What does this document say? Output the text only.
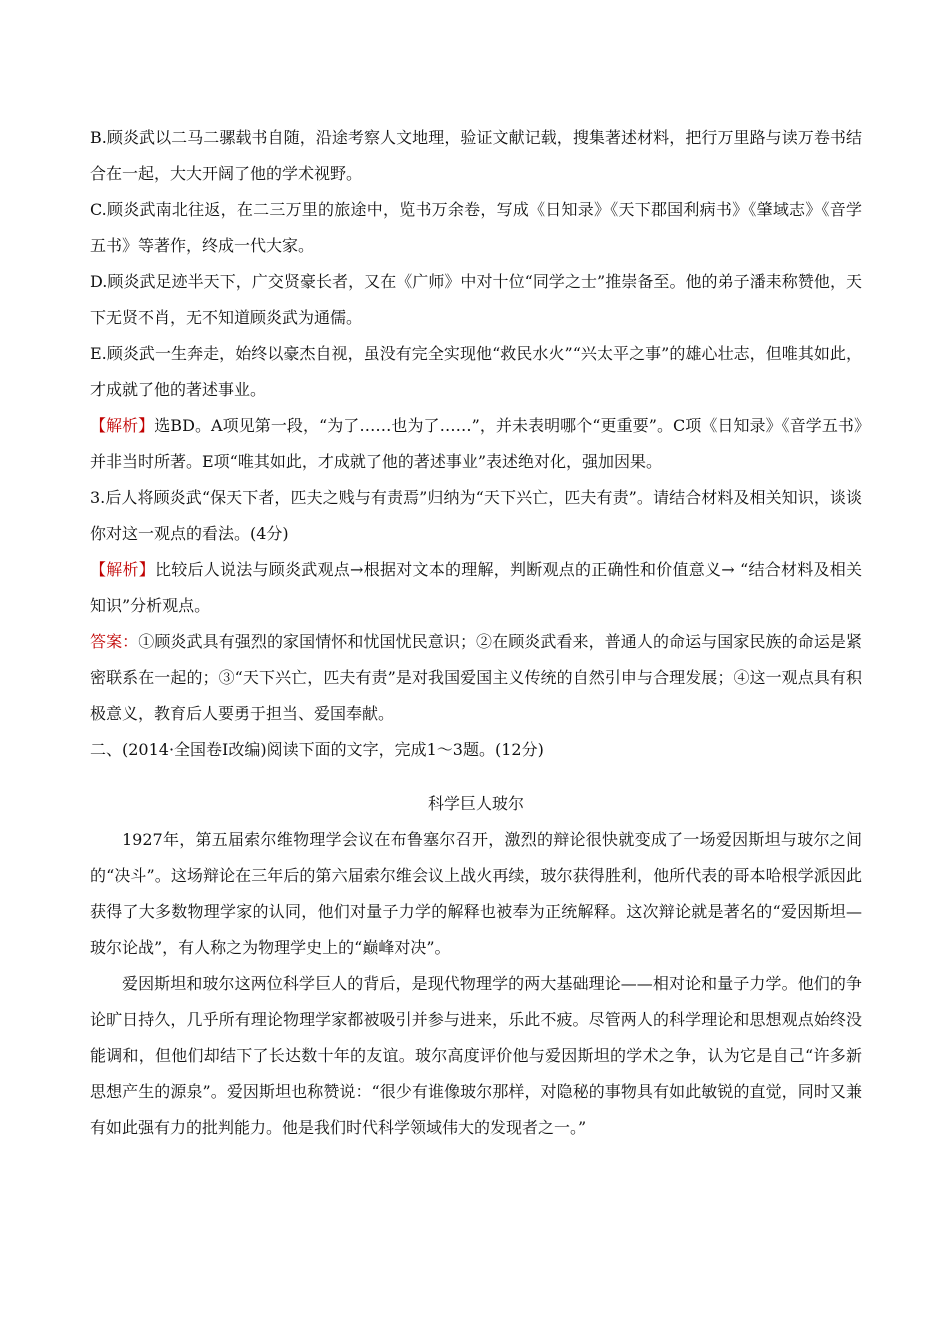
B.顾炎武以二马二骡载书自随，沿途考察人文地理，验证文献记载，搜集著述材料，把行万里路与读万卷书结合在一起，大大开阔了他的学术视野。

C.顾炎武南北往返，在二三万里的旅途中，览书万余卷，写成《日知录》《天下郡国利病书》《肇域志》《音学五书》等著作，终成一代大家。

D.顾炎武足迹半天下，广交贤豪长者，又在《广师》中对十位“同学之士”推崇备至。他的弟子潘耒称赞他，天下无贤不肖，无不知道顾炎武为通儒。

E.顾炎武一生奔走，始终以豪杰自视，虽没有完全实现他“救民水火”“兴太平之事”的雄心壮志，但唯其如此，才成就了他的著述事业。

【解析】选BD。A项见第一段，“为了……也为了……”，并未表明哪个“更重要”。C项《日知录》《音学五书》并非当时所著。E项“唯其如此，才成就了他的著述事业”表述绝对化，强加因果。

3.后人将顾炎武“保天下者，匹夫之贱与有责焉”归纳为“天下兴亡，匹夫有责”。请结合材料及相关知识，谈谈你对这一观点的看法。(4分)

【解析】比较后人说法与顾炎武观点→根据对文本的理解，判断观点的正确性和价值意义→ “结合材料及相关知识”分析观点。

答案：①顾炎武具有强烈的家国情怀和忧国忧民意识；②在顾炎武看来，普通人的命运与国家民族的命运是紧密联系在一起的；③“天下兴亡，匹夫有责”是对我国爱国主义传统的自然引申与合理发展；④这一观点具有积极意义，教育后人要勇于担当、爱国奉献。

二、(2014·全国卷Ⅰ改编)阅读下面的文字，完成1～3题。(12分)

科学巨人玻尔

1927年，第五届索尔维物理学会议在布鲁塞尔召开，激烈的辩论很快就变成了一场爱因斯坦与玻尔之间的“决斗”。这场辩论在三年后的第六届索尔维会议上战火再续，玻尔获得胜利，他所代表的哥本哈根学派因此获得了大多数物理学家的认同，他们对量子力学的解释也被奉为正统解释。这次辩论就是著名的“爱因斯坦—玻尔论战”，有人称之为物理学史上的“巅峰对决”。

爱因斯坦和玻尔这两位科学巨人的背后，是现代物理学的两大基础理论——相对论和量子力学。他们的争论旷日持久，几乎所有理论物理学家都被吸引并参与进来，乐此不疲。尽管两人的科学理论和思想观点始终没能调和，但他们却结下了长达数十年的友谊。玻尔高度评价他与爱因斯坦的学术之争，认为它是自己“许多新思想产生的源泉”。爱因斯坦也称赞说：“很少有谁像玻尔那样，对隐秘的事物具有如此敏锐的直觉，同时又兼有如此强有力的批判能力。他是我们时代科学领域伟大的发现者之一。”
